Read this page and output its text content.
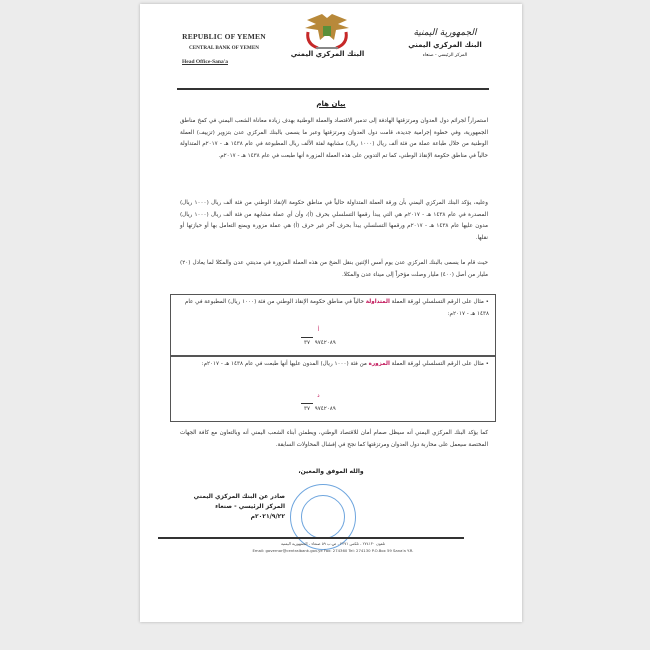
REPUBLIC OF YEMEN
CENTRAL BANK OF YEMEN
Head Office-Sana'a
البنك المركزي اليمني
الجمهورية اليمنية
البنك المركزي اليمني
المركز الرئيسي - صنعاء
بيان هام
استمراراً لجرائم دول العدوان ومرتزقتها الهادفة إلى تدمير الاقتصاد والعملة الوطنية بهدف زيادة معاناة الشعب اليمني في كمخ مناطق الجمهورية، وفي خطوة إجرامية جديدة، قامت دول العدوان ومرتزقتها وعبر ما يسمى بالبنك المركزي عدن بتزوير (تزييف) العملة الوطنية من خلال طباعة عملة من فئة ألف ريال (١٠٠٠ ريال) مشابهة لفئة الألف ريال المطبوعة في عام ١٤٣٨ هـ - ٢٠١٧م المتداولة حالياً في مناطق حكومة الإنقاذ الوطني، كما تم التدوين على هذه العملة المزورة أنها طبعت في عام ١٤٣٨ هـ - ٢٠١٧م.
وعليه، يؤكد البنك المركزي اليمني بأن ورقة العملة المتداولة حالياً في مناطق حكومة الإنقاذ الوطني من فئة ألف ريال (١٠٠٠ ريال) المصدرة في عام ١٤٣٨ هـ - ٢٠١٧م هي التي يبدأ رقمها التسلسلي بحرف (أ)، وأن أي عملة مشابهة من فئة ألف ريال (١٠٠٠ ريال) مدون عليها عام ١٤٣٨ هـ - ٢٠١٧م ورقمها التسلسلي يبدأ بحرف آخر غير حرف (أ) هي عملة مزورة ويمنع التعامل بها أو حيازتها أو نقلها.
حيث قام ما يسمى بالبنك المركزي عدن يوم أمس الإثنين بنقل الضخ من هذه العملة المزورة في مدينتي عدن والمكلا لما يعادل (٢٠) مليار من أصل (٤٠٠) مليار وصلت مؤخراً إلى ميناء عدن والمكلا.
• مثال على الرقم التسلسلي لورقة العملة المتداولة حالياً في مناطق حكومة الإنقاذ الوطني من فئة (١٠٠٠ ريال) المطبوعة في عام ١٤٣٨ هـ - ٢٠١٧م:
أ
٣٧ ٩٧٤٢٠٨٩
• مثال على الرقم التسلسلي لورقة العملة المزورة من فئة (١٠٠٠ ريال) المدون عليها أنها طبعت في عام ١٤٣٨ هـ - ٢٠١٧م:
د
٣٧ ٩٧٤٢٠٨٩
كما يؤكد البنك المركزي اليمني أنه سيظل صمام أمان للاقتصاد الوطني، ويطمئن أبناء الشعب اليمني أنه وبالتعاون مع كافة الجهات المختصة سيعمل على محاربة دول العدوان ومرتزقتها كما نجح في إفشال المحاولات السابقة.
والله الموفق والمعين،
صادر عن البنك المركزي اليمني
المركز الرئيسي - صنعاء
٢٠٢١/٩/٢٢م
تلفون ٢٧٤١٣٠ - تلكس ٢٢٧١ - ص.ب ٥٩ صنعاء - الجمهورية اليمنية
Email: governor@centralbank.gov.ye Fax: 274360 Tel: 274130 P.O.Box 59 Sana'a Y.R.
